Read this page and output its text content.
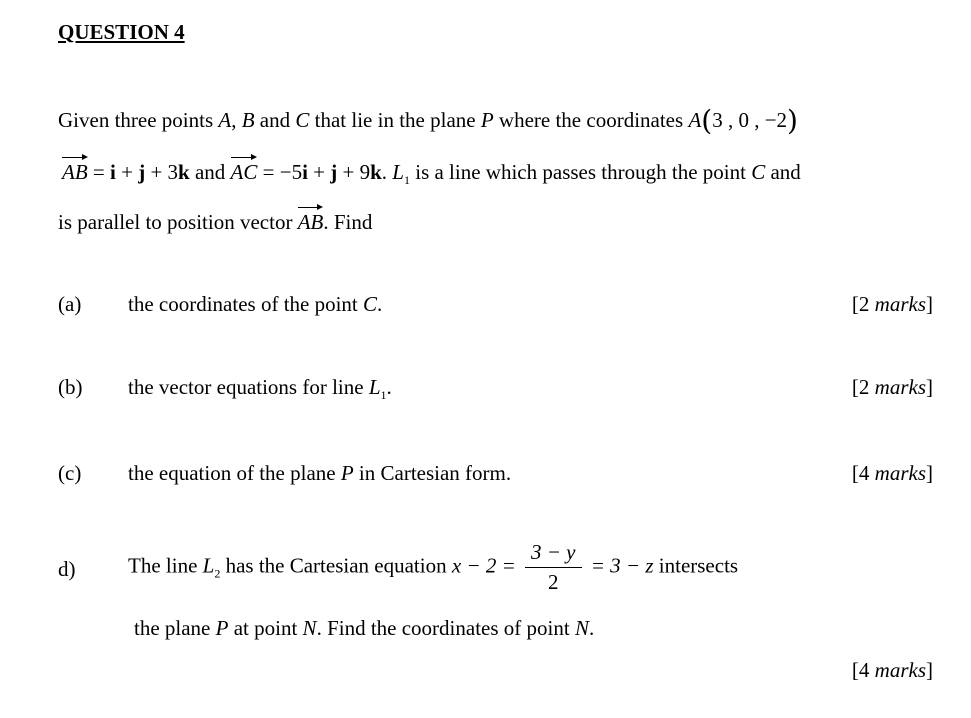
QUESTION 4
Given three points A, B and C that lie in the plane P where the coordinates A(3 , 0 , −2)
AB = i + j + 3k and AC = −5i + j + 9k. $L_1$ is a line which passes through the point C and
is parallel to position vector AB. Find
(a) the coordinates of the point C.	[2 marks]
(b) the vector equations for line $L_1$.	[2 marks]
(c) the equation of the plane P in Cartesian form.	[4 marks]
d)	The line $L_2$ has the Cartesian equation $x - 2 = \frac{3 - y}{2} = 3 - z$ intersects
the plane P at point N. Find the coordinates of point N.
[4 marks]
